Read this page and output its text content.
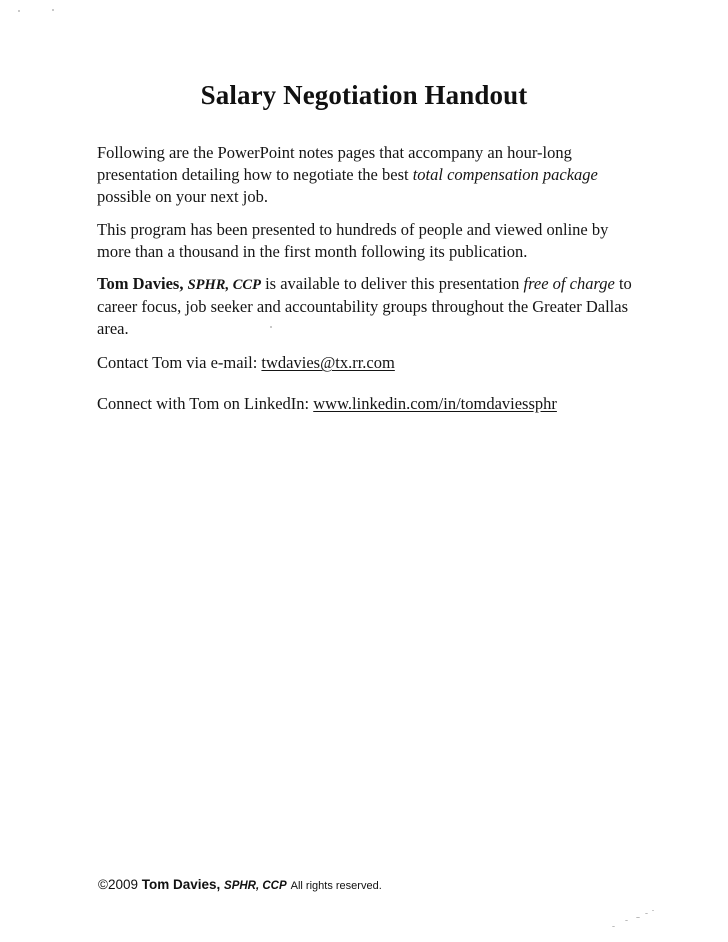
Salary Negotiation Handout
Following are the PowerPoint notes pages that accompany an hour-long presentation detailing how to negotiate the best total compensation package possible on your next job.
This program has been presented to hundreds of people and viewed online by more than a thousand in the first month following its publication.
Tom Davies, SPHR, CCP is available to deliver this presentation free of charge to career focus, job seeker and accountability groups throughout the Greater Dallas area.
Contact Tom via e-mail: twdavies@tx.rr.com
Connect with Tom on LinkedIn: www.linkedin.com/in/tomdaviessphr
©2009 Tom Davies, SPHR, CCP All rights reserved.
